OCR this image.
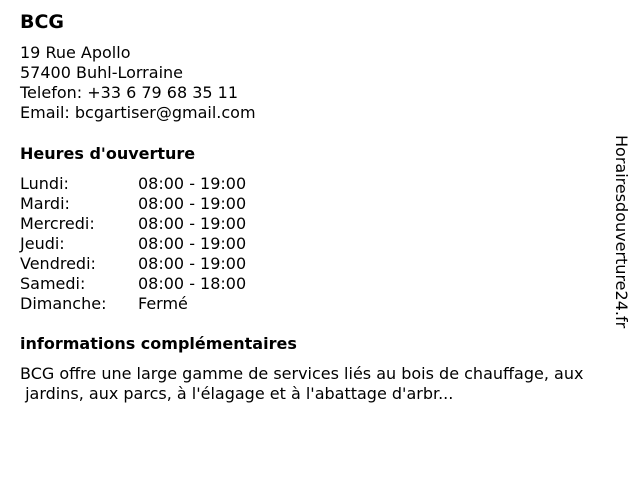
BCG
19 Rue Apollo
57400 Buhl-Lorraine
Telefon: +33 6 79 68 35 11
Email: bcgartiser@gmail.com
Heures d'ouverture
Lundi:	08:00 - 19:00
Mardi:	08:00 - 19:00
Mercredi:	08:00 - 19:00
Jeudi:	08:00 - 19:00
Vendredi:	08:00 - 19:00
Samedi:	08:00 - 18:00
Dimanche:	Fermé
informations complémentaires
BCG offre une large gamme de services liés au bois de chauffage, aux
jardins, aux parcs, à l'élagage et à l'abattage d'arbr...
Horairesdouverture24.fr
